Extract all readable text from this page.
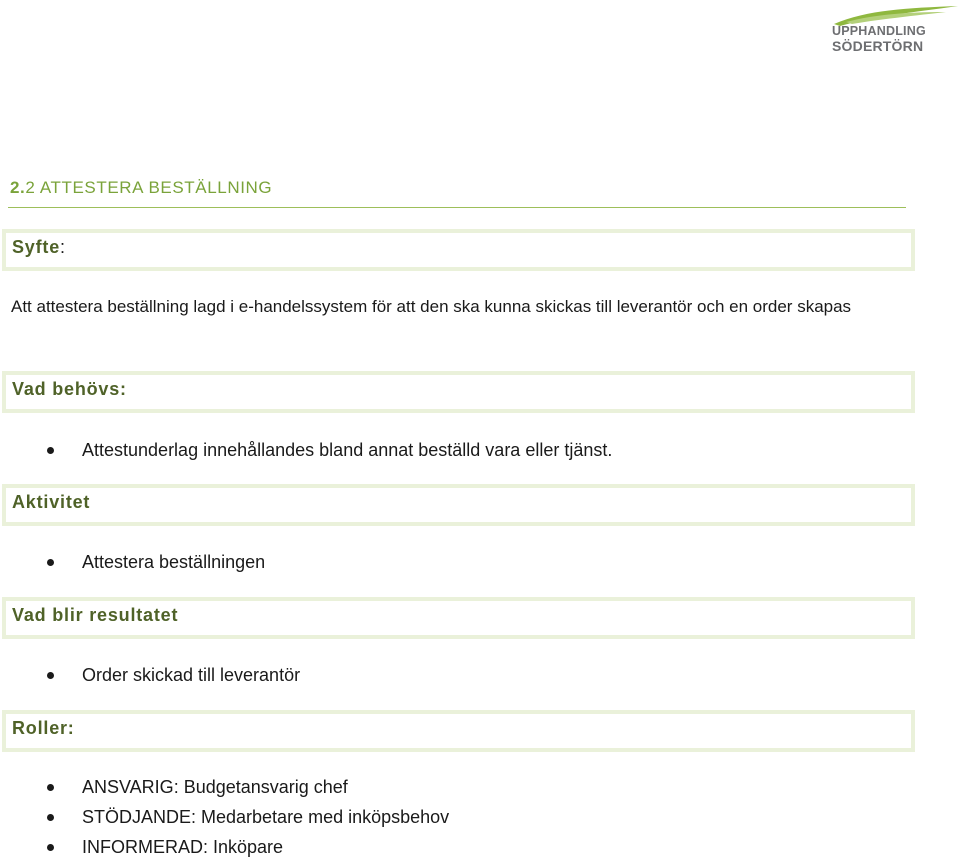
UPPHANDLING
SÖDERTÖRN
2.2 ATTESTERA BESTÄLLNING
Syfte:
Att attestera beställning lagd i e-handelssystem för att den ska kunna skickas till leverantör och en order skapas
Vad behövs:
Attestunderlag innehållandes bland annat beställd vara eller tjänst.
Aktivitet
Attestera beställningen
Vad blir resultatet
Order skickad till leverantör
Roller:
ANSVARIG: Budgetansvarig chef
STÖDJANDE: Medarbetare med inköpsbehov
INFORMERAD: Inköpare
